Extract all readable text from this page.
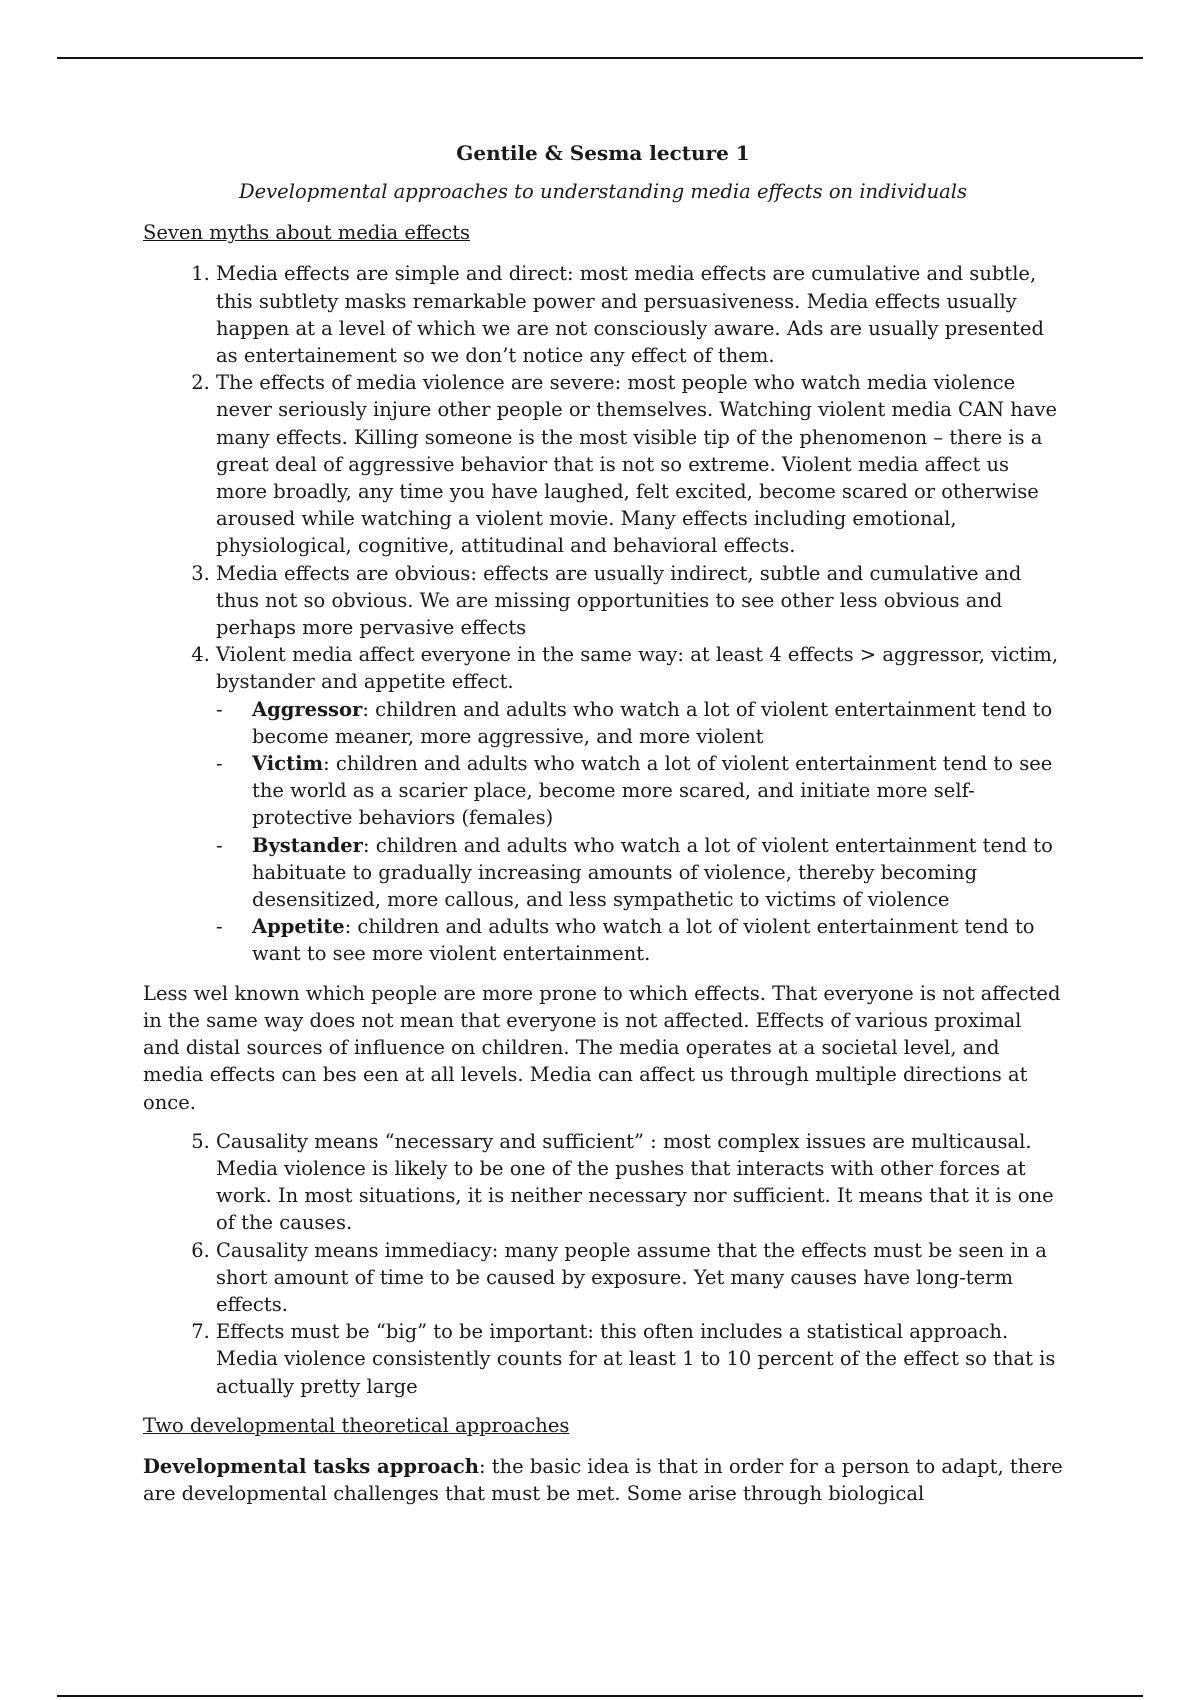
Gentile & Sesma lecture 1
Developmental approaches to understanding media effects on individuals
Seven myths about media effects
1. Media effects are simple and direct: most media effects are cumulative and subtle, this subtlety masks remarkable power and persuasiveness. Media effects usually happen at a level of which we are not consciously aware. Ads are usually presented as entertainement so we don’t notice any effect of them.
2. The effects of media violence are severe: most people who watch media violence never seriously injure other people or themselves. Watching violent media CAN have many effects. Killing someone is the most visible tip of the phenomenon – there is a great deal of aggressive behavior that is not so extreme. Violent media affect us more broadly, any time you have laughed, felt excited, become scared or otherwise aroused while watching a violent movie. Many effects including emotional, physiological, cognitive, attitudinal and behavioral effects.
3. Media effects are obvious: effects are usually indirect, subtle and cumulative and thus not so obvious. We are missing opportunities to see other less obvious and perhaps more pervasive effects
4. Violent media affect everyone in the same way: at least 4 effects > aggressor, victim, bystander and appetite effect.
- Aggressor: children and adults who watch a lot of violent entertainment tend to become meaner, more aggressive, and more violent
- Victim: children and adults who watch a lot of violent entertainment tend to see the world as a scarier place, become more scared, and initiate more self-protective behaviors (females)
- Bystander: children and adults who watch a lot of violent entertainment tend to habituate to gradually increasing amounts of violence, thereby becoming desensitized, more callous, and less sympathetic to victims of violence
- Appetite: children and adults who watch a lot of violent entertainment tend to want to see more violent entertainment.

Less wel known which people are more prone to which effects. That everyone is not affected in the same way does not mean that everyone is not affected. Effects of various proximal and distal sources of influence on children. The media operates at a societal level, and media effects can bes een at all levels. Media can affect us through multiple directions at once.

5. Causality means “necessary and sufficient” : most complex issues are multicausal. Media violence is likely to be one of the pushes that interacts with other forces at work. In most situations, it is neither necessary nor sufficient. It means that it is one of the causes.
6. Causality means immediacy: many people assume that the effects must be seen in a short amount of time to be caused by exposure. Yet many causes have long-term effects.
7. Effects must be “big” to be important: this often includes a statistical approach. Media violence consistently counts for at least 1 to 10 percent of the effect so that is actually pretty large
Two developmental theoretical approaches

Developmental tasks approach: the basic idea is that in order for a person to adapt, there are developmental challenges that must be met. Some arise through biological
